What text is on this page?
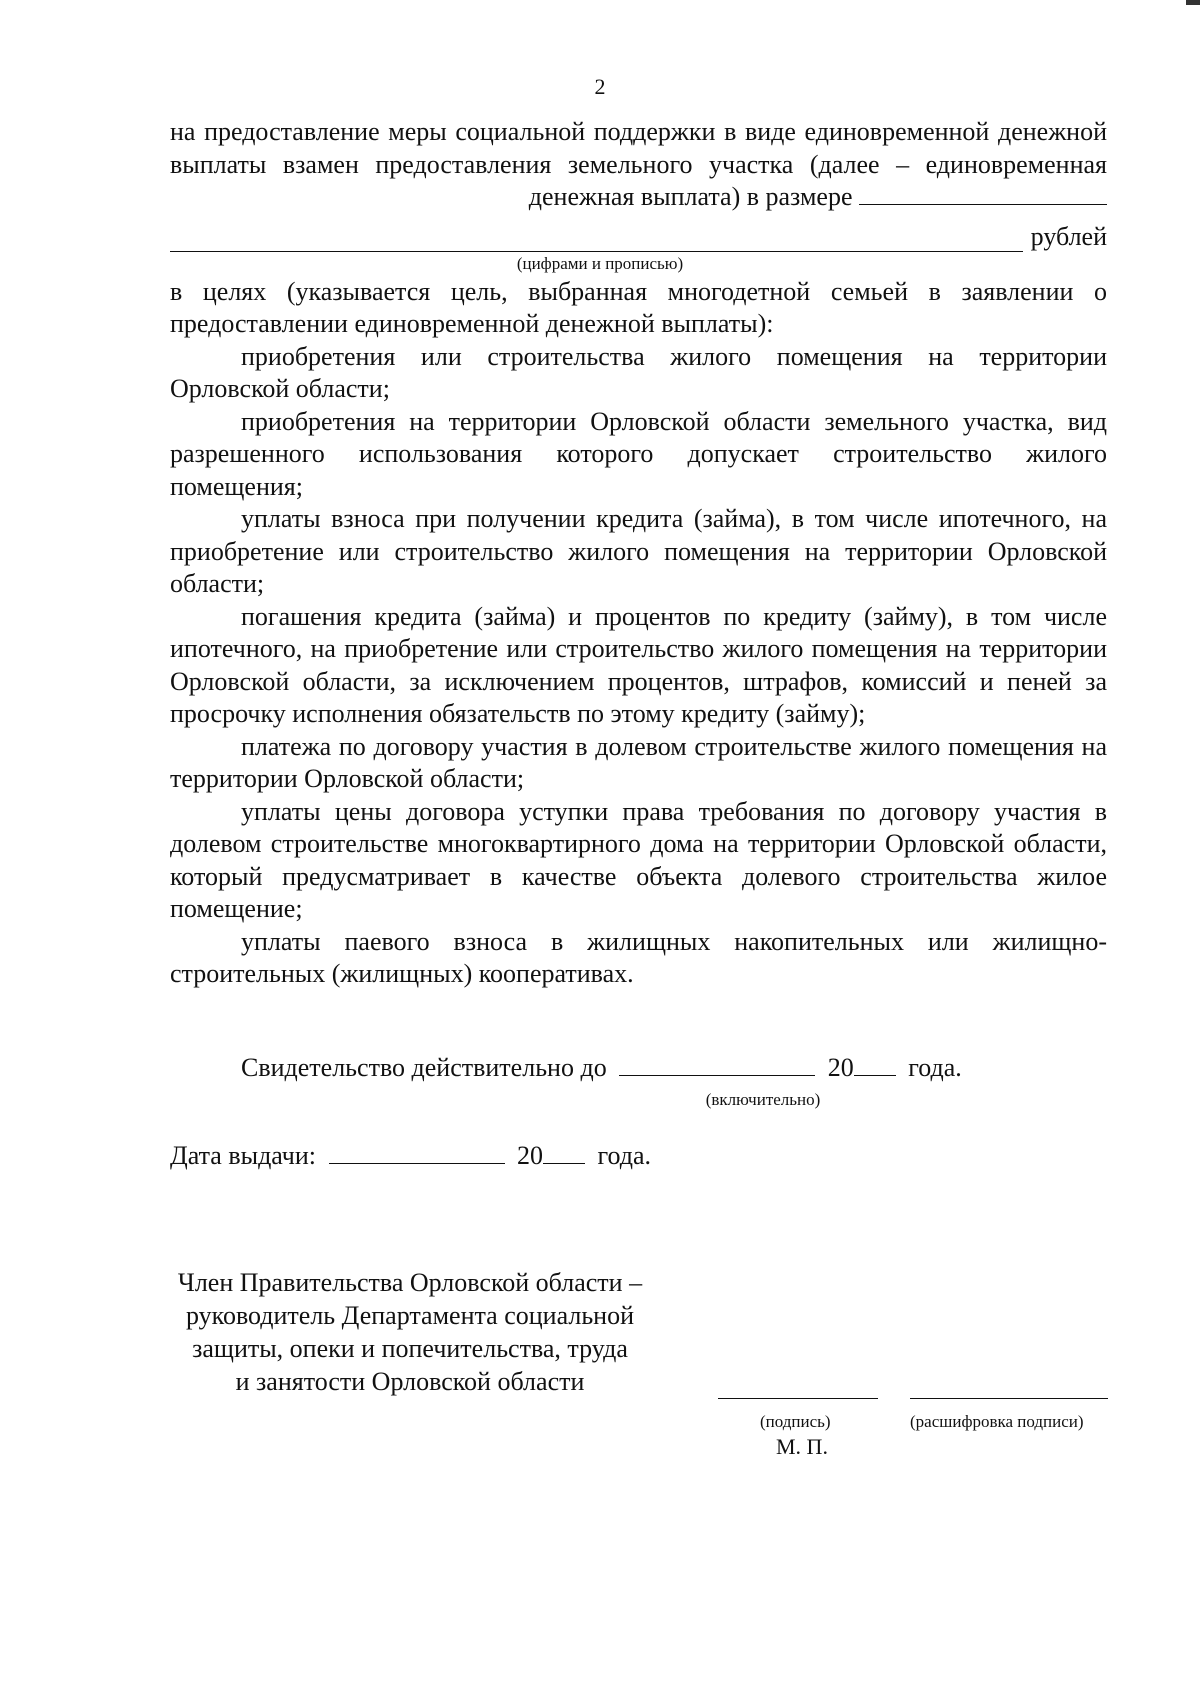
2

на предоставление меры социальной поддержки в виде единовременной денежной выплаты взамен предоставления земельного участка (далее – единовременная денежная выплата) в размере

рублей
(цифрами и прописью)

в целях (указывается цель, выбранная многодетной семьей в заявлении о предоставлении единовременной денежной выплаты):

приобретения или строительства жилого помещения на территории Орловской области;

приобретения на территории Орловской области земельного участка, вид разрешенного использования которого допускает строительство жилого помещения;

уплаты взноса при получении кредита (займа), в том числе ипотечного, на приобретение или строительство жилого помещения на территории Орловской области;

погашения кредита (займа) и процентов по кредиту (займу), в том числе ипотечного, на приобретение или строительство жилого помещения на территории Орловской области, за исключением процентов, штрафов, комиссий и пеней за просрочку исполнения обязательств по этому кредиту (займу);

платежа по договору участия в долевом строительстве жилого помещения на территории Орловской области;

уплаты цены договора уступки права требования по договору участия в долевом строительстве многоквартирного дома на территории Орловской области, который предусматривает в качестве объекта долевого строительства жилое помещение;

уплаты паевого взноса в жилищных накопительных или жилищно-строительных (жилищных) кооперативах.

Свидетельство действительно до	20 года.
(включительно)
Дата выдачи:	20 года.
Член Правительства Орловской области –
руководитель Департамента социальной
защиты, опеки и попечительства, труда
и занятости Орловской области
(подпись)	(расшифровка подписи)
М. П.
